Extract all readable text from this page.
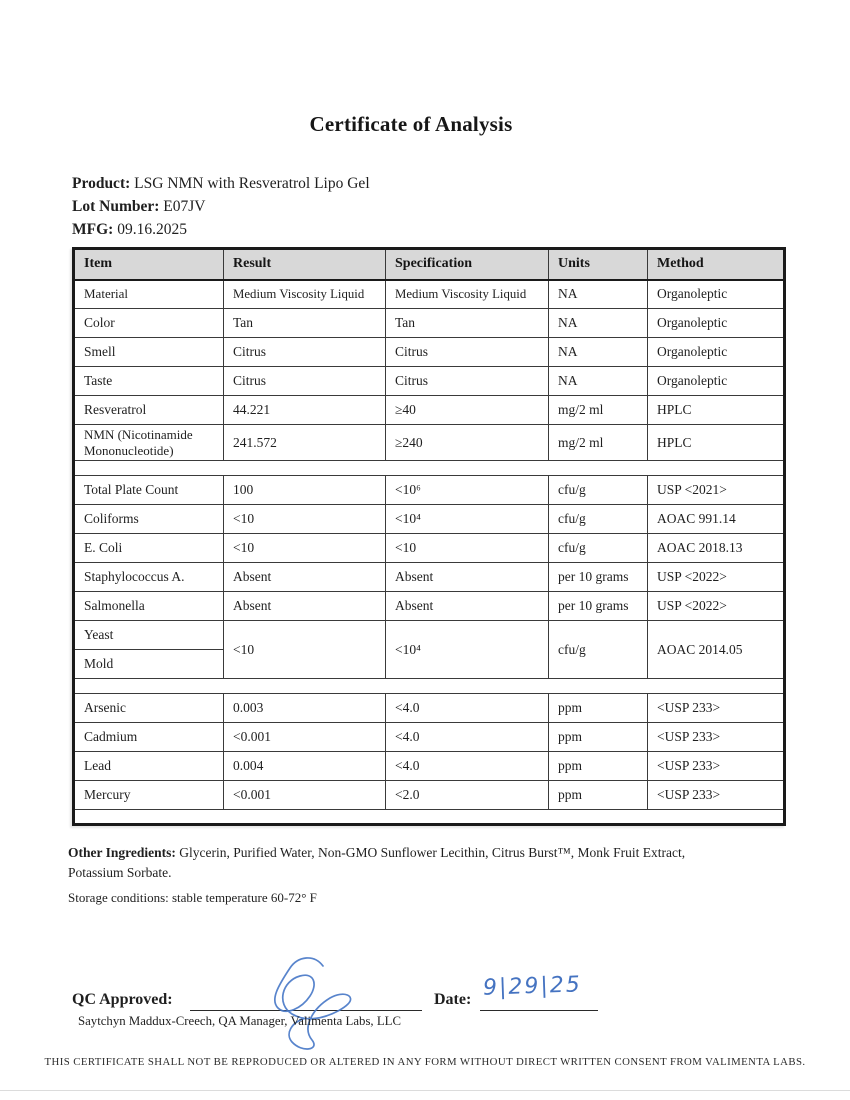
Certificate of Analysis
Product: LSG NMN with Resveratrol Lipo Gel
Lot Number: E07JV
MFG: 09.16.2025
Item	Result	Specification	Units	Method
Material	Medium Viscosity Liquid	Medium Viscosity Liquid	NA	Organoleptic
Color	Tan	Tan	NA	Organoleptic
Smell	Citrus	Citrus	NA	Organoleptic
Taste	Citrus	Citrus	NA	Organoleptic
Resveratrol	44.221	≥40	mg/2 ml	HPLC
NMN (Nicotinamide Mononucleotide)	241.572	≥240	mg/2 ml	HPLC

Total Plate Count	100	<10⁶	cfu/g	USP <2021>
Coliforms	<10	<10⁴	cfu/g	AOAC 991.14
E. Coli	<10	<10	cfu/g	AOAC 2018.13
Staphylococcus A.	Absent	Absent	per 10 grams	USP <2022>
Salmonella	Absent	Absent	per 10 grams	USP <2022>
Yeast	<10	<10⁴	cfu/g	AOAC 2014.05
Mold				

Arsenic	0.003	<4.0	ppm	<USP 233>
Cadmium	<0.001	<4.0	ppm	<USP 233>
Lead	0.004	<4.0	ppm	<USP 233>
Mercury	<0.001	<2.0	ppm	<USP 233>

Other Ingredients: Glycerin, Purified Water, Non-GMO Sunflower Lecithin, Citrus Burst™, Monk Fruit Extract, Potassium Sorbate.
Storage conditions: stable temperature 60-72° F
QC Approved:	Date: 9|29|25
Saytchyn Maddux-Creech, QA Manager, Valimenta Labs, LLC
THIS CERTIFICATE SHALL NOT BE REPRODUCED OR ALTERED IN ANY FORM WITHOUT DIRECT WRITTEN CONSENT FROM VALIMENTA LABS.
